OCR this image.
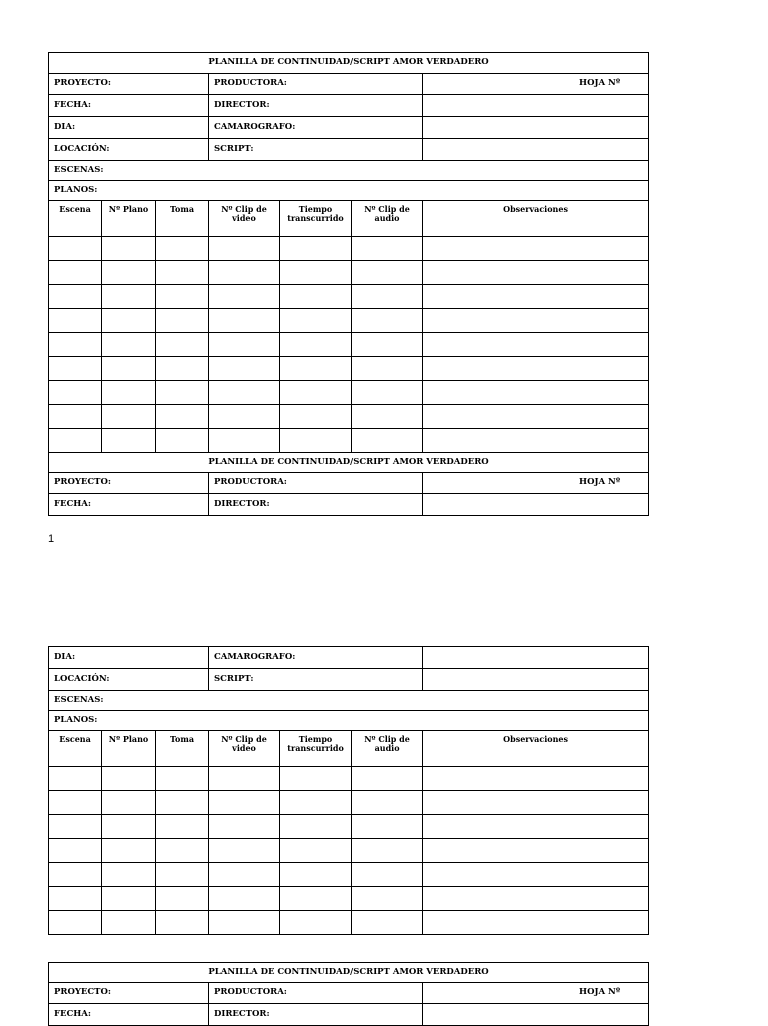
PLANILLA DE CONTINUIDAD/SCRIPT AMOR VERDADERO						
PROYECTO:			PRODUCTORA:			HOJA Nº
FECHA:			DIRECTOR:			
DIA:			CAMAROGRAFO:			
LOCACIÓN:			SCRIPT:			
ESCENAS:						
PLANOS:						
Escena	Nº Plano	Toma	Nº Clip de video	Tiempo transcurrido	Nº Clip de audio	Observaciones

PLANILLA DE CONTINUIDAD/SCRIPT AMOR VERDADERO						
PROYECTO:			PRODUCTORA:			HOJA Nº
FECHA:			DIRECTOR:			
1
DIA:			CAMAROGRAFO:			
LOCACIÓN:			SCRIPT:			
ESCENAS:						
PLANOS:						
Escena	Nº Plano	Toma	Nº Clip de video	Tiempo transcurrido	Nº Clip de audio	Observaciones

PLANILLA DE CONTINUIDAD/SCRIPT AMOR VERDADERO		
PROYECTO:	PRODUCTORA:	HOJA Nº
FECHA:	DIRECTOR:	
